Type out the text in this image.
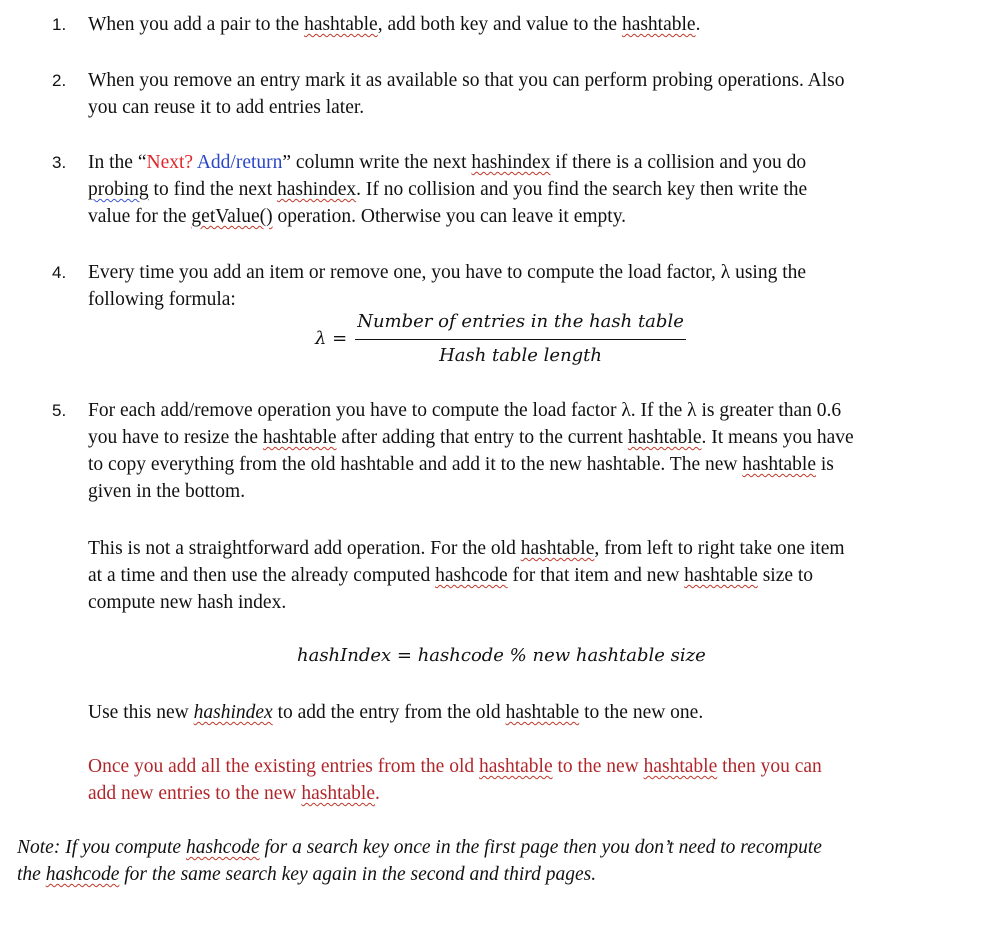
1. When you add a pair to the hashtable, add both key and value to the hashtable.
2. When you remove an entry mark it as available so that you can perform probing operations. Also
you can reuse it to add entries later.
3. In the “Next? Add/return” column write the next hashindex if there is a collision and you do
probing to find the next hashindex. If no collision and you find the search key then write the
value for the getValue() operation. Otherwise you can leave it empty.
4. Every time you add an item or remove one, you have to compute the load factor, λ using the
following formula:
$\lambda = \frac{\text{Number of entries in the hash table}}{\text{Hash table length}}$
5. For each add/remove operation you have to compute the load factor λ. If the λ is greater than 0.6
you have to resize the hashtable after adding that entry to the current hashtable. It means you have
to copy everything from the old hashtable and add it to the new hashtable. The new hashtable is
given in the bottom.
This is not a straightforward add operation. For the old hashtable, from left to right take one item
at a time and then use the already computed hashcode for that item and new hashtable size to
compute new hash index.
hashIndex = hashcode % new hashtable size
Use this new hashindex to add the entry from the old hashtable to the new one.
Once you add all the existing entries from the old hashtable to the new hashtable then you can
add new entries to the new hashtable.
Note: If you compute hashcode for a search key once in the first page then you don’t need to recompute
the hashcode for the same search key again in the second and third pages.
